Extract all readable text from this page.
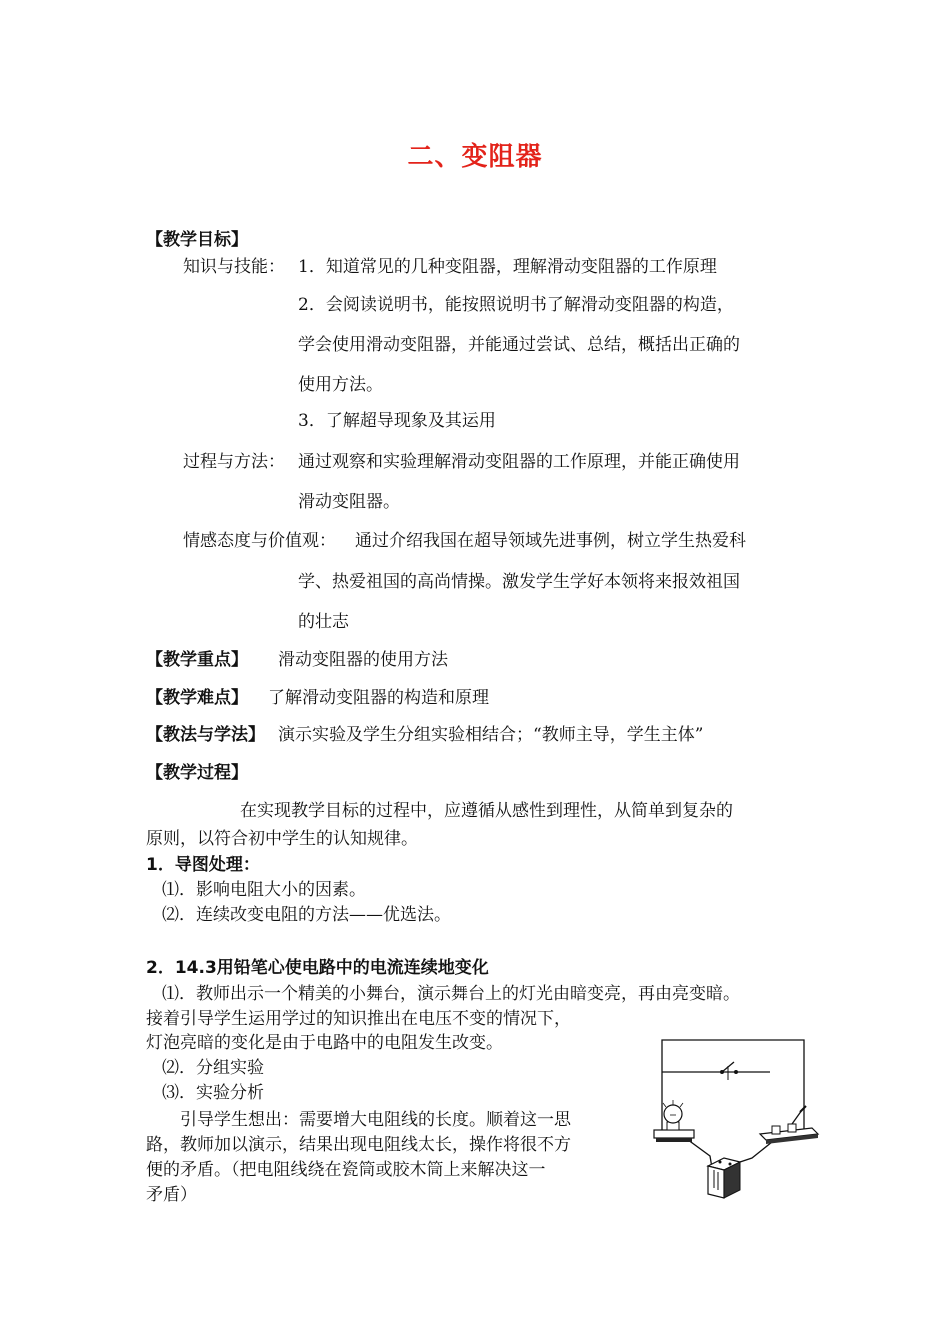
二、变阻器
【教学目标】
知识与技能： 1．知道常见的几种变阻器，理解滑动变阻器的工作原理
2．会阅读说明书，能按照说明书了解滑动变阻器的构造，
学会使用滑动变阻器，并能通过尝试、总结，概括出正确的
使用方法。
3．了解超导现象及其运用
过程与方法： 通过观察和实验理解滑动变阻器的工作原理，并能正确使用
滑动变阻器。
情感态度与价值观： 通过介绍我国在超导领域先进事例，树立学生热爱科
学、热爱祖国的高尚情操。激发学生学好本领将来报效祖国
的壮志
【教学重点】 滑动变阻器的使用方法
【教学难点】 了解滑动变阻器的构造和原理
【教法与学法】 演示实验及学生分组实验相结合；“教师主导，学生主体”
【教学过程】
在实现教学目标的过程中，应遵循从感性到理性，从简单到复杂的
原则，以符合初中学生的认知规律。
1．导图处理：
⑴．影响电阻大小的因素。
⑵．连续改变电阻的方法——优选法。
2．14.3用铅笔心使电路中的电流连续地变化
⑴．教师出示一个精美的小舞台，演示舞台上的灯光由暗变亮，再由亮变暗。
接着引导学生运用学过的知识推出在电压不变的情况下，
灯泡亮暗的变化是由于电路中的电阻发生改变。
⑵．分组实验
⑶．实验分析
引导学生想出：需要增大电阻线的长度。顺着这一思
路，教师加以演示，结果出现电阻线太长，操作将很不方
便的矛盾。（把电阻线绕在瓷筒或胶木筒上来解决这一
矛盾）
